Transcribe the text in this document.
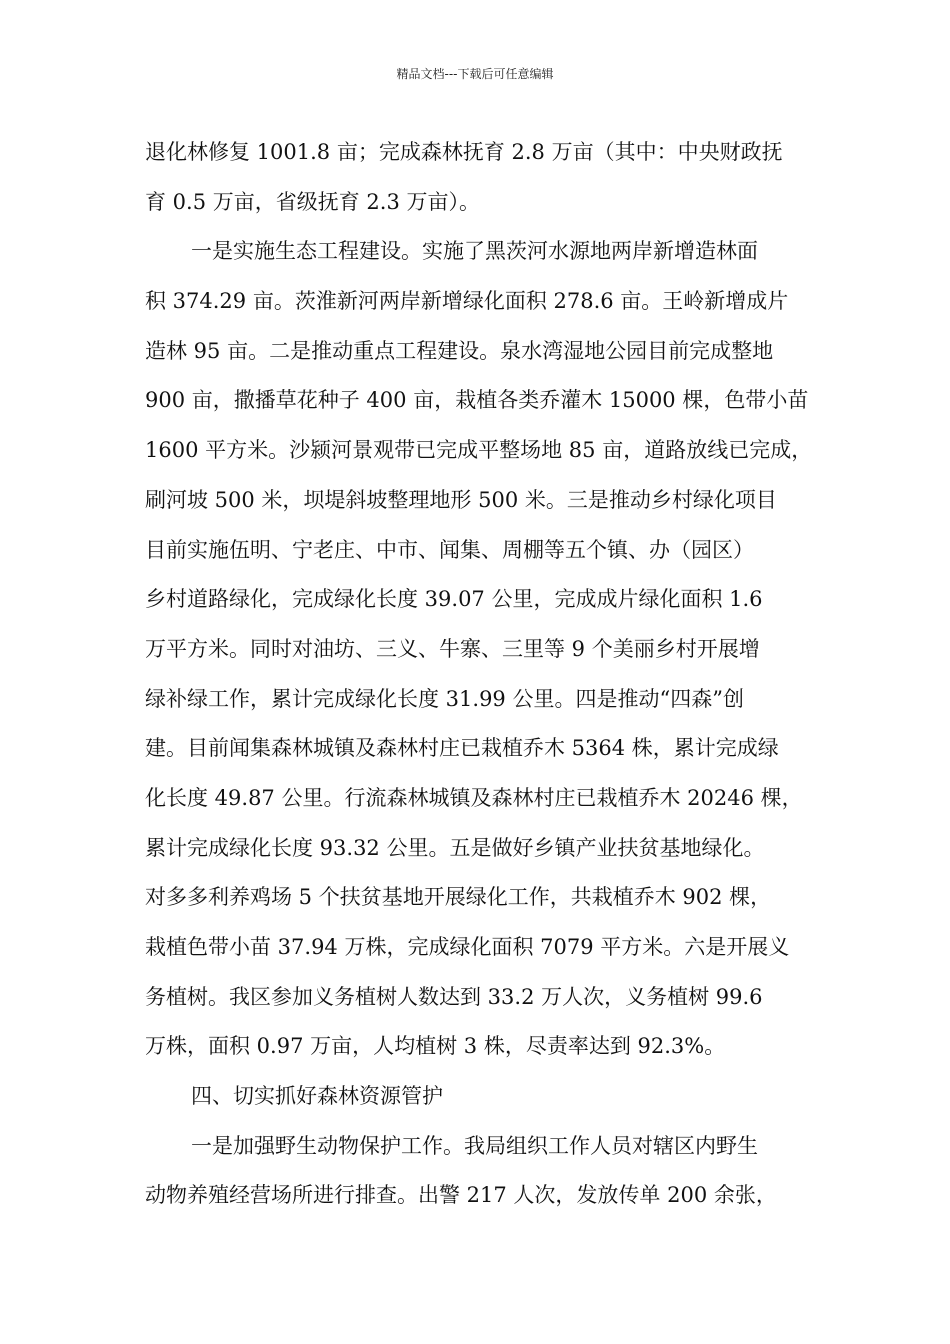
精品文档---下载后可任意编辑
退化林修复 1001.8 亩；完成森林抚育 2.8 万亩（其中：中央财政抚
育 0.5 万亩，省级抚育 2.3 万亩）。
一是实施生态工程建设。实施了黑茨河水源地两岸新增造林面
积 374.29 亩。茨淮新河两岸新增绿化面积 278.6 亩。王岭新增成片
造林 95 亩。二是推动重点工程建设。泉水湾湿地公园目前完成整地
900 亩，撒播草花种子 400 亩，栽植各类乔灌木 15000 棵，色带小苗
1600 平方米。沙颍河景观带已完成平整场地 85 亩，道路放线已完成，
刷河坡 500 米，坝堤斜坡整理地形 500 米。三是推动乡村绿化项目
目前实施伍明、宁老庄、中市、闻集、周棚等五个镇、办（园区）
乡村道路绿化，完成绿化长度 39.07 公里，完成成片绿化面积 1.6
万平方米。同时对油坊、三义、牛寨、三里等 9 个美丽乡村开展增
绿补绿工作，累计完成绿化长度 31.99 公里。四是推动“四森”创
建。目前闻集森林城镇及森林村庄已栽植乔木 5364 株，累计完成绿
化长度 49.87 公里。行流森林城镇及森林村庄已栽植乔木 20246 棵，
累计完成绿化长度 93.32 公里。五是做好乡镇产业扶贫基地绿化。
对多多利养鸡场 5 个扶贫基地开展绿化工作，共栽植乔木 902 棵，
栽植色带小苗 37.94 万株，完成绿化面积 7079 平方米。六是开展义
务植树。我区参加义务植树人数达到 33.2 万人次，义务植树 99.6
万株，面积 0.97 万亩，人均植树 3 株，尽责率达到 92.3%。
四、切实抓好森林资源管护
一是加强野生动物保护工作。我局组织工作人员对辖区内野生
动物养殖经营场所进行排查。出警 217 人次，发放传单 200 余张，
